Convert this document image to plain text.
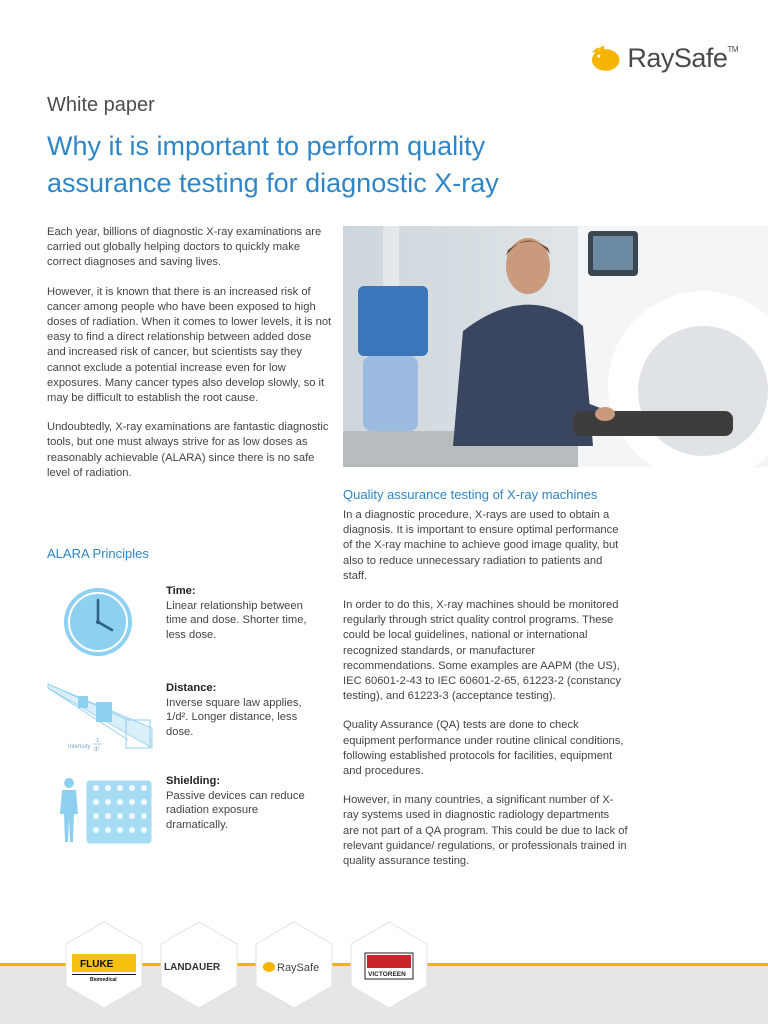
RaySafe™
White paper
Why it is important to perform quality
assurance testing for diagnostic X-ray

Each year, billions of diagnostic X-ray examinations are carried out globally helping doctors to quickly make correct diagnoses and saving lives.

However, it is known that there is an increased risk of cancer among people who have been exposed to high doses of radiation. When it comes to lower levels, it is not easy to find a direct relationship between added dose and increased risk of cancer, but scientists say they cannot exclude a potential increase even for low exposures. Many cancer types also develop slowly, so it may be difficult to establish the root cause.

Undoubtedly, X-ray examinations are fantastic diagnostic tools, but one must always strive for as low doses as reasonably achievable (ALARA) since there is no safe level of radiation.

Quality assurance testing of X-ray machines

In a diagnostic procedure, X-rays are used to obtain a diagnosis. It is important to ensure optimal performance of the X-ray machine to achieve good image quality, but also to reduce unnecessary radiation to patients and staff.

In order to do this, X-ray machines should be monitored regularly through strict quality control programs. These could be local guidelines, national or international recognized standards, or manufacturer recommendations. Some examples are AAPM (the US), IEC 60601-2-43 to IEC 60601-2-65, 61223-2 (constancy testing), and 61223-3 (acceptance testing).

Quality Assurance (QA) tests are done to check equipment performance under routine clinical conditions, following established protocols for facilities, equipment and procedures.

However, in many countries, a significant number of X-ray systems used in diagnostic radiology departments are not part of a QA program. This could be due to lack of relevant guidance/ regulations, or professionals trained in quality assurance testing.

ALARA Principles
Time:
Linear relationship between time and dose. Shorter time, less dose.
Intensity
1
d²
Distance:
Inverse square law applies, 1/d². Longer distance, less dose.
Shielding:
Passive devices can reduce radiation exposure dramatically.
FLUKE
Biomedical
LANDAUER	RaySafe
VICTOREEN
